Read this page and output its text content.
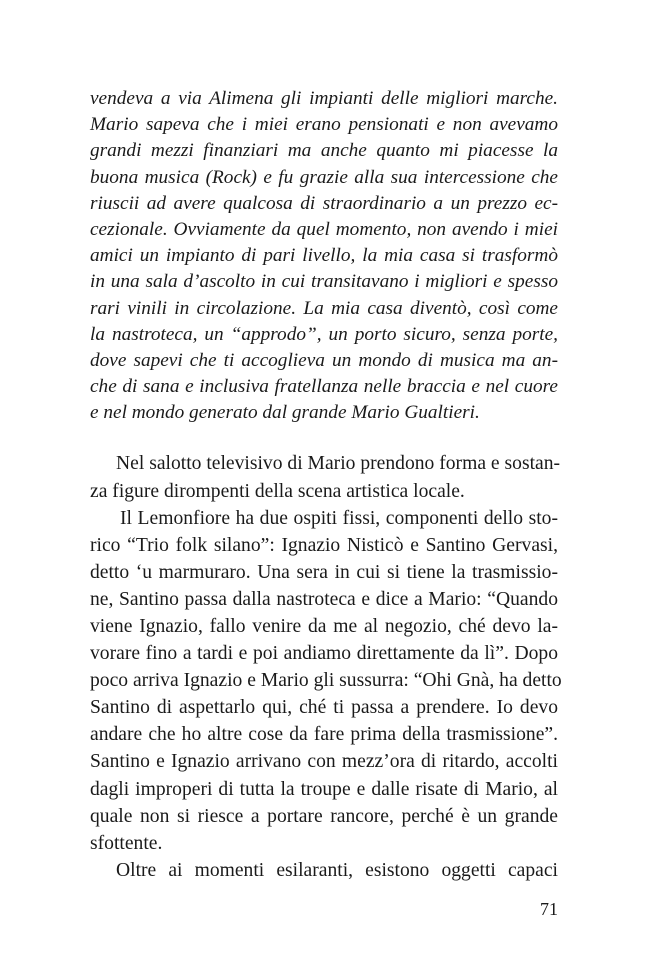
vendeva a via Alimena gli impianti delle migliori marche.
Mario sapeva che i miei erano pensionati e non avevamo
grandi mezzi finanziari ma anche quanto mi piacesse la
buona musica (Rock) e fu grazie alla sua intercessione che
riuscii ad avere qualcosa di straordinario a un prezzo ec-
cezionale. Ovviamente da quel momento, non avendo i miei
amici un impianto di pari livello, la mia casa si trasformò
in una sala d’ascolto in cui transitavano i migliori e spesso
rari vinili in circolazione. La mia casa diventò, così come
la nastroteca, un “approdo”, un porto sicuro, senza porte,
dove sapevi che ti accoglieva un mondo di musica ma an-
che di sana e inclusiva fratellanza nelle braccia e nel cuore
e nel mondo generato dal grande Mario Gualtieri.
Nel salotto televisivo di Mario prendono forma e sostan-
za figure dirompenti della scena artistica locale.
Il Lemonfiore ha due ospiti fissi, componenti dello sto-
rico “Trio folk silano”: Ignazio Nisticò e Santino Gervasi,
detto ‘u marmuraro. Una sera in cui si tiene la trasmissio-
ne, Santino passa dalla nastroteca e dice a Mario: “Quando
viene Ignazio, fallo venire da me al negozio, ché devo la-
vorare fino a tardi e poi andiamo direttamente da lì”. Dopo
poco arriva Ignazio e Mario gli sussurra: “Ohi Gnà, ha detto
Santino di aspettarlo qui, ché ti passa a prendere. Io devo
andare che ho altre cose da fare prima della trasmissione”.
Santino e Ignazio arrivano con mezz’ora di ritardo, accolti
dagli improperi di tutta la troupe e dalle risate di Mario, al
quale non si riesce a portare rancore, perché è un grande
sfottente.
Oltre ai momenti esilaranti, esistono oggetti capaci
71
